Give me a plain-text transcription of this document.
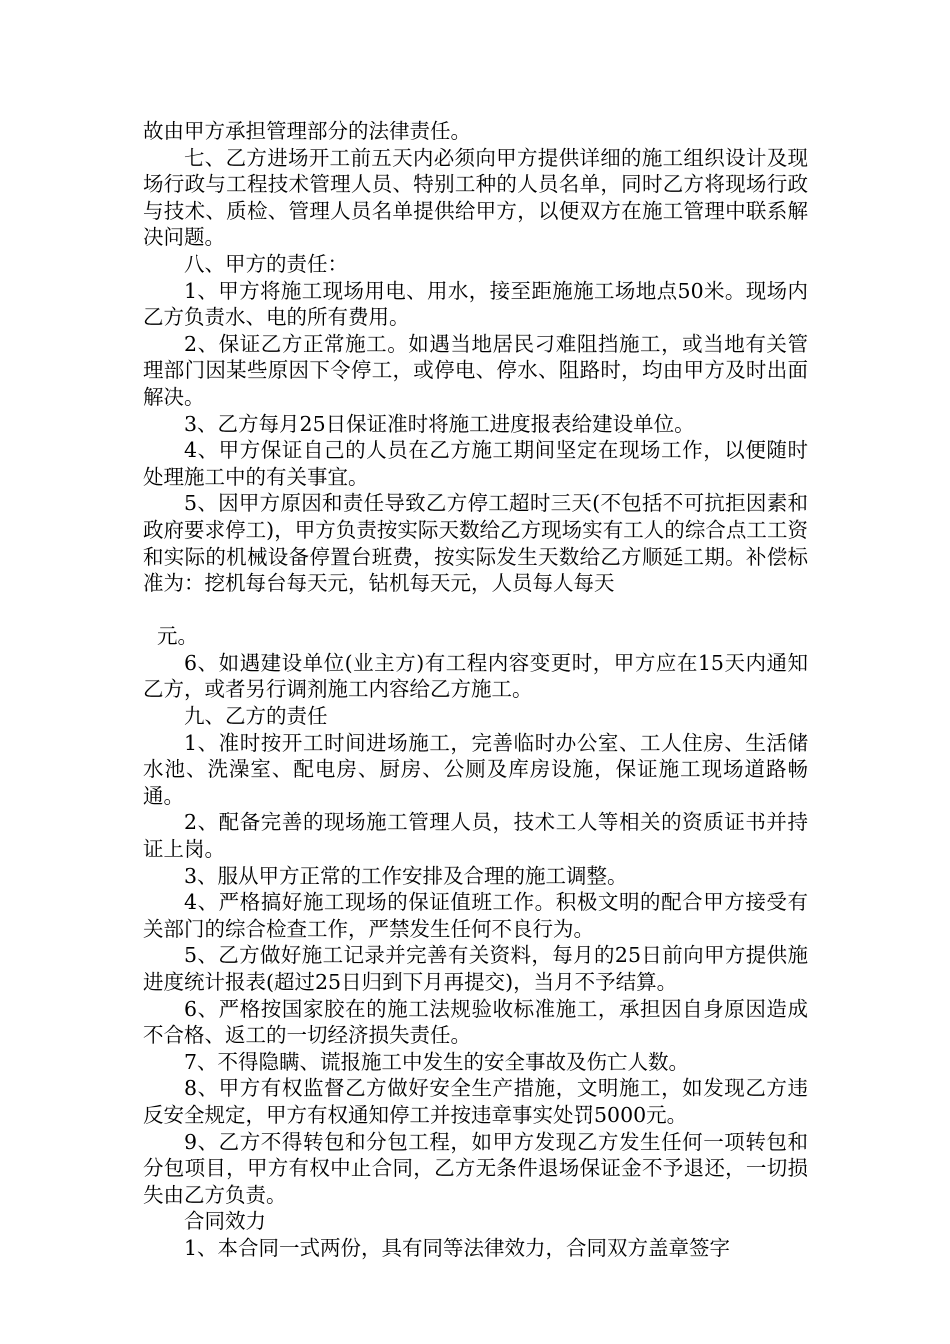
故由甲方承担管理部分的法律责任。

七、乙方进场开工前五天内必须向甲方提供详细的施工组织设计及现场行政与工程技术管理人员、特别工种的人员名单，同时乙方将现场行政与技术、质检、管理人员名单提供给甲方，以便双方在施工管理中联系解决问题。

八、甲方的责任：

1、甲方将施工现场用电、用水，接至距施施工场地点50米。现场内乙方负责水、电的所有费用。

2、保证乙方正常施工。如遇当地居民刁难阻挡施工，或当地有关管理部门因某些原因下令停工，或停电、停水、阻路时，均由甲方及时出面解决。

3、乙方每月25日保证准时将施工进度报表给建设单位。

4、甲方保证自己的人员在乙方施工期间坚定在现场工作，以便随时处理施工中的有关事宜。

5、因甲方原因和责任导致乙方停工超时三天(不包括不可抗拒因素和政府要求停工)，甲方负责按实际天数给乙方现场实有工人的综合点工工资和实际的机械设备停置台班费，按实际发生天数给乙方顺延工期。补偿标准为：挖机每台每天元，钻机每天元，人员每人每天

元。

6、如遇建设单位(业主方)有工程内容变更时，甲方应在15天内通知乙方，或者另行调剂施工内容给乙方施工。

九、乙方的责任

1、准时按开工时间进场施工，完善临时办公室、工人住房、生活储水池、洗澡室、配电房、厨房、公厕及库房设施，保证施工现场道路畅通。

2、配备完善的现场施工管理人员，技术工人等相关的资质证书并持证上岗。

3、服从甲方正常的工作安排及合理的施工调整。

4、严格搞好施工现场的保证值班工作。积极文明的配合甲方接受有关部门的综合检查工作，严禁发生任何不良行为。

5、乙方做好施工记录并完善有关资料，每月的25日前向甲方提供施进度统计报表(超过25日归到下月再提交)，当月不予结算。

6、严格按国家胶在的施工法规验收标准施工，承担因自身原因造成不合格、返工的一切经济损失责任。

7、不得隐瞒、谎报施工中发生的安全事故及伤亡人数。

8、甲方有权监督乙方做好安全生产措施，文明施工，如发现乙方违反安全规定，甲方有权通知停工并按违章事实处罚5000元。

9、乙方不得转包和分包工程，如甲方发现乙方发生任何一项转包和分包项目，甲方有权中止合同，乙方无条件退场保证金不予退还，一切损失由乙方负责。

合同效力

1、本合同一式两份，具有同等法律效力，合同双方盖章签字
